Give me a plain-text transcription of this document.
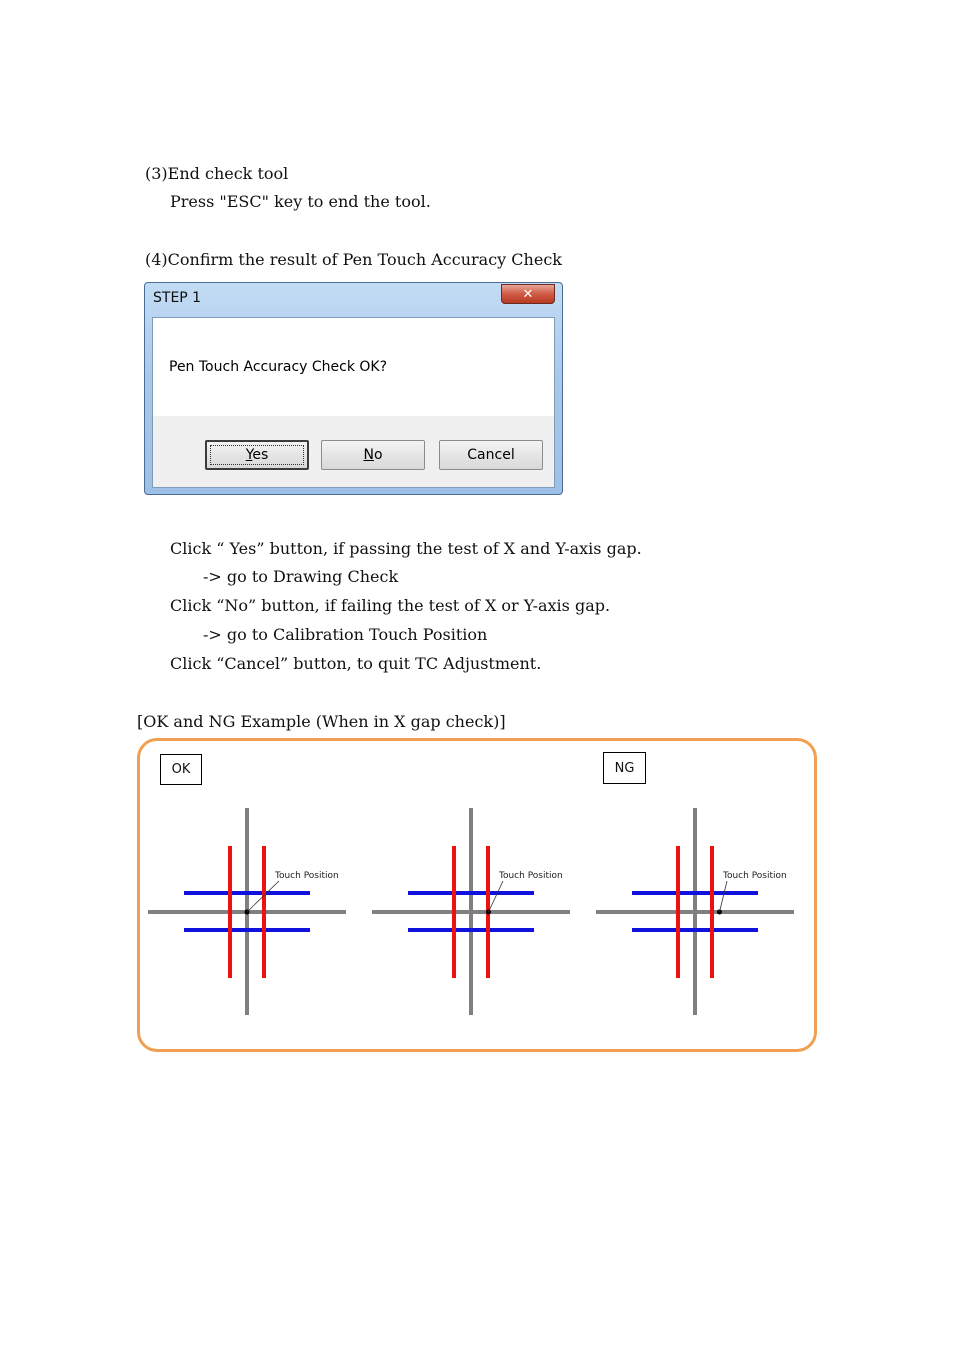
(3)End check tool
Press "ESC" key to end the tool.
(4)Confirm the result of Pen Touch Accuracy Check
STEP 1	✕
Pen Touch Accuracy Check OK?
Yes	No	Cancel
Click “ Yes” button, if passing the test of X and Y-axis gap.
-> go to Drawing Check
Click “No” button, if failing the test of X or Y-axis gap.
-> go to Calibration Touch Position
Click “Cancel” button, to quit TC Adjustment.
[OK and NG Example (When in X gap check)]
OK	NG
Touch Position	Touch Position	Touch Position
